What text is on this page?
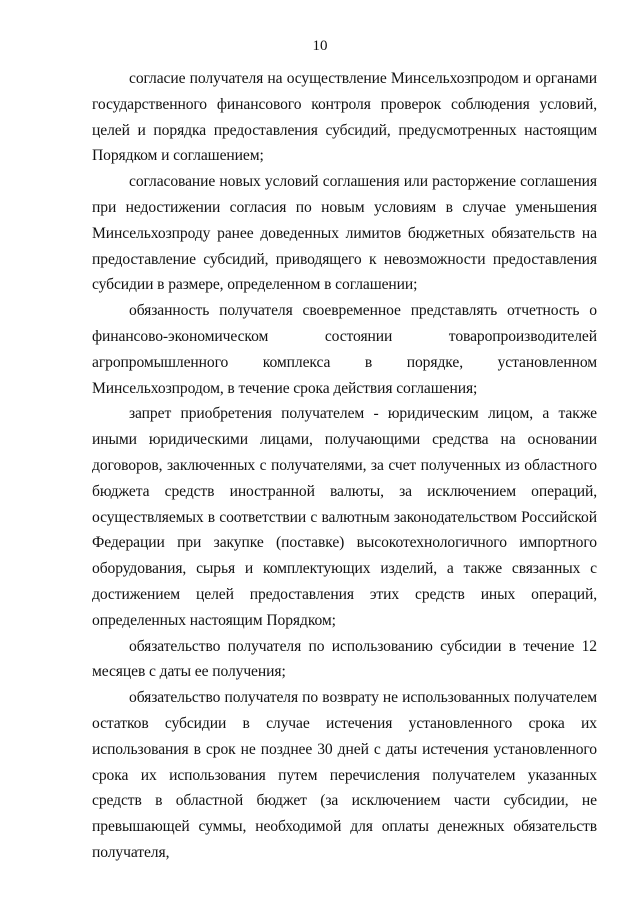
10

согласие получателя на осуществление Минсельхозпродом и органами государственного финансового контроля проверок соблюдения условий, целей и порядка предоставления субсидий, предусмотренных настоящим Порядком и соглашением;

согласование новых условий соглашения или расторжение соглашения при недостижении согласия по новым условиям в случае уменьшения Минсельхозпроду ранее доведенных лимитов бюджетных обязательств на предоставление субсидий, приводящего к невозможности предоставления субсидии в размере, определенном в соглашении;

обязанность получателя своевременное представлять отчетность о финансово-экономическом состоянии товаропроизводителей агропромышленного комплекса в порядке, установленном Минсельхозпродом, в течение срока действия соглашения;

запрет приобретения получателем - юридическим лицом, а также иными юридическими лицами, получающими средства на основании договоров, заключенных с получателями, за счет полученных из областного бюджета средств иностранной валюты, за исключением операций, осуществляемых в соответствии с валютным законодательством Российской Федерации при закупке (поставке) высокотехнологичного импортного оборудования, сырья и комплектующих изделий, а также связанных с достижением целей предоставления этих средств иных операций, определенных настоящим Порядком;

обязательство получателя по использованию субсидии в течение 12 месяцев с даты ее получения;

обязательство получателя по возврату не использованных получателем остатков субсидии в случае истечения установленного срока их использования в срок не позднее 30 дней с даты истечения установленного срока их использования путем перечисления получателем указанных средств в областной бюджет (за исключением части субсидии, не превышающей суммы, необходимой для оплаты денежных обязательств получателя,
